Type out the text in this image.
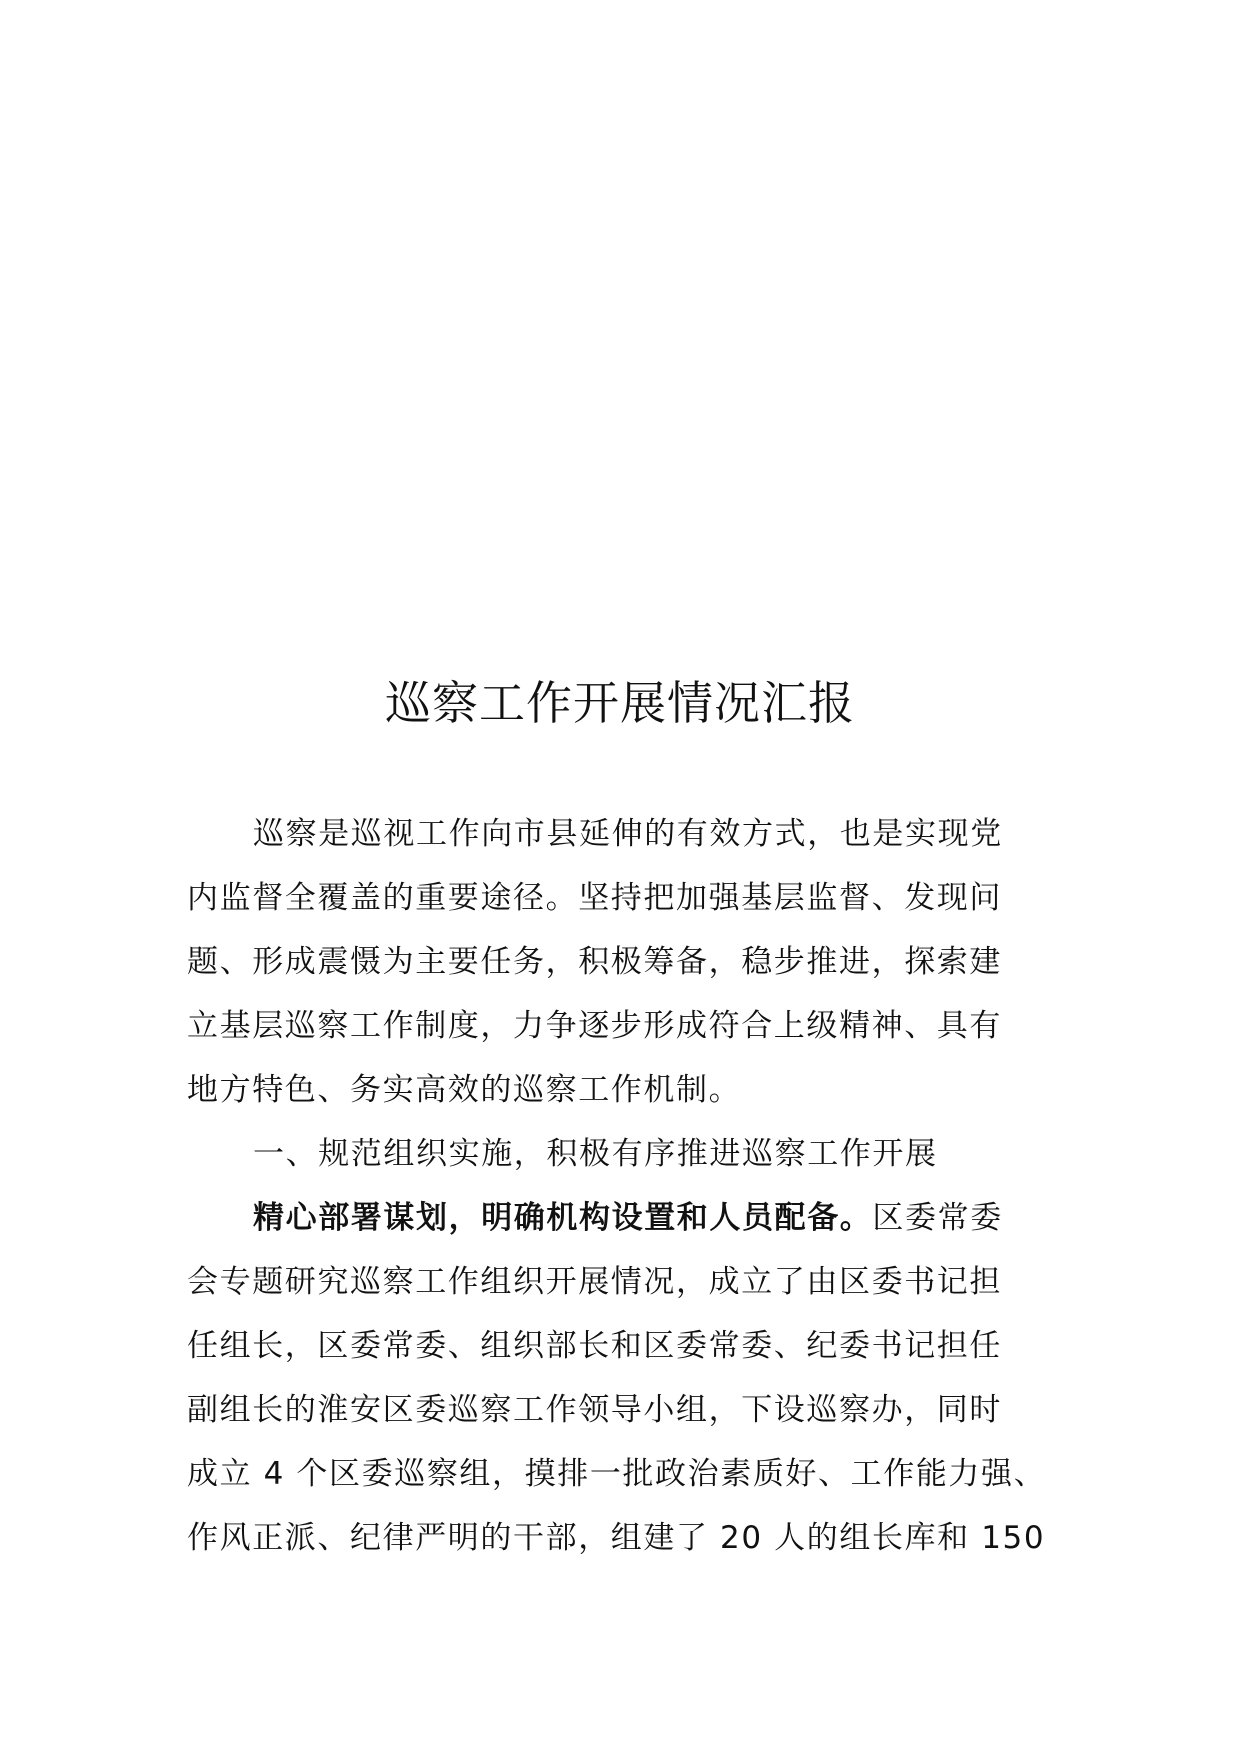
巡察工作开展情况汇报

巡察是巡视工作向市县延伸的有效方式，也是实现党

内监督全覆盖的重要途径。坚持把加强基层监督、发现问

题、形成震慑为主要任务，积极筹备，稳步推进，探索建

立基层巡察工作制度，力争逐步形成符合上级精神、具有

地方特色、务实高效的巡察工作机制。

一、规范组织实施，积极有序推进巡察工作开展

精心部署谋划，明确机构设置和人员配备。区委常委

会专题研究巡察工作组织开展情况，成立了由区委书记担

任组长，区委常委、组织部长和区委常委、纪委书记担任

副组长的淮安区委巡察工作领导小组，下设巡察办，同时

成立 4 个区委巡察组，摸排一批政治素质好、工作能力强、

作风正派、纪律严明的干部，组建了 20 人的组长库和 150
